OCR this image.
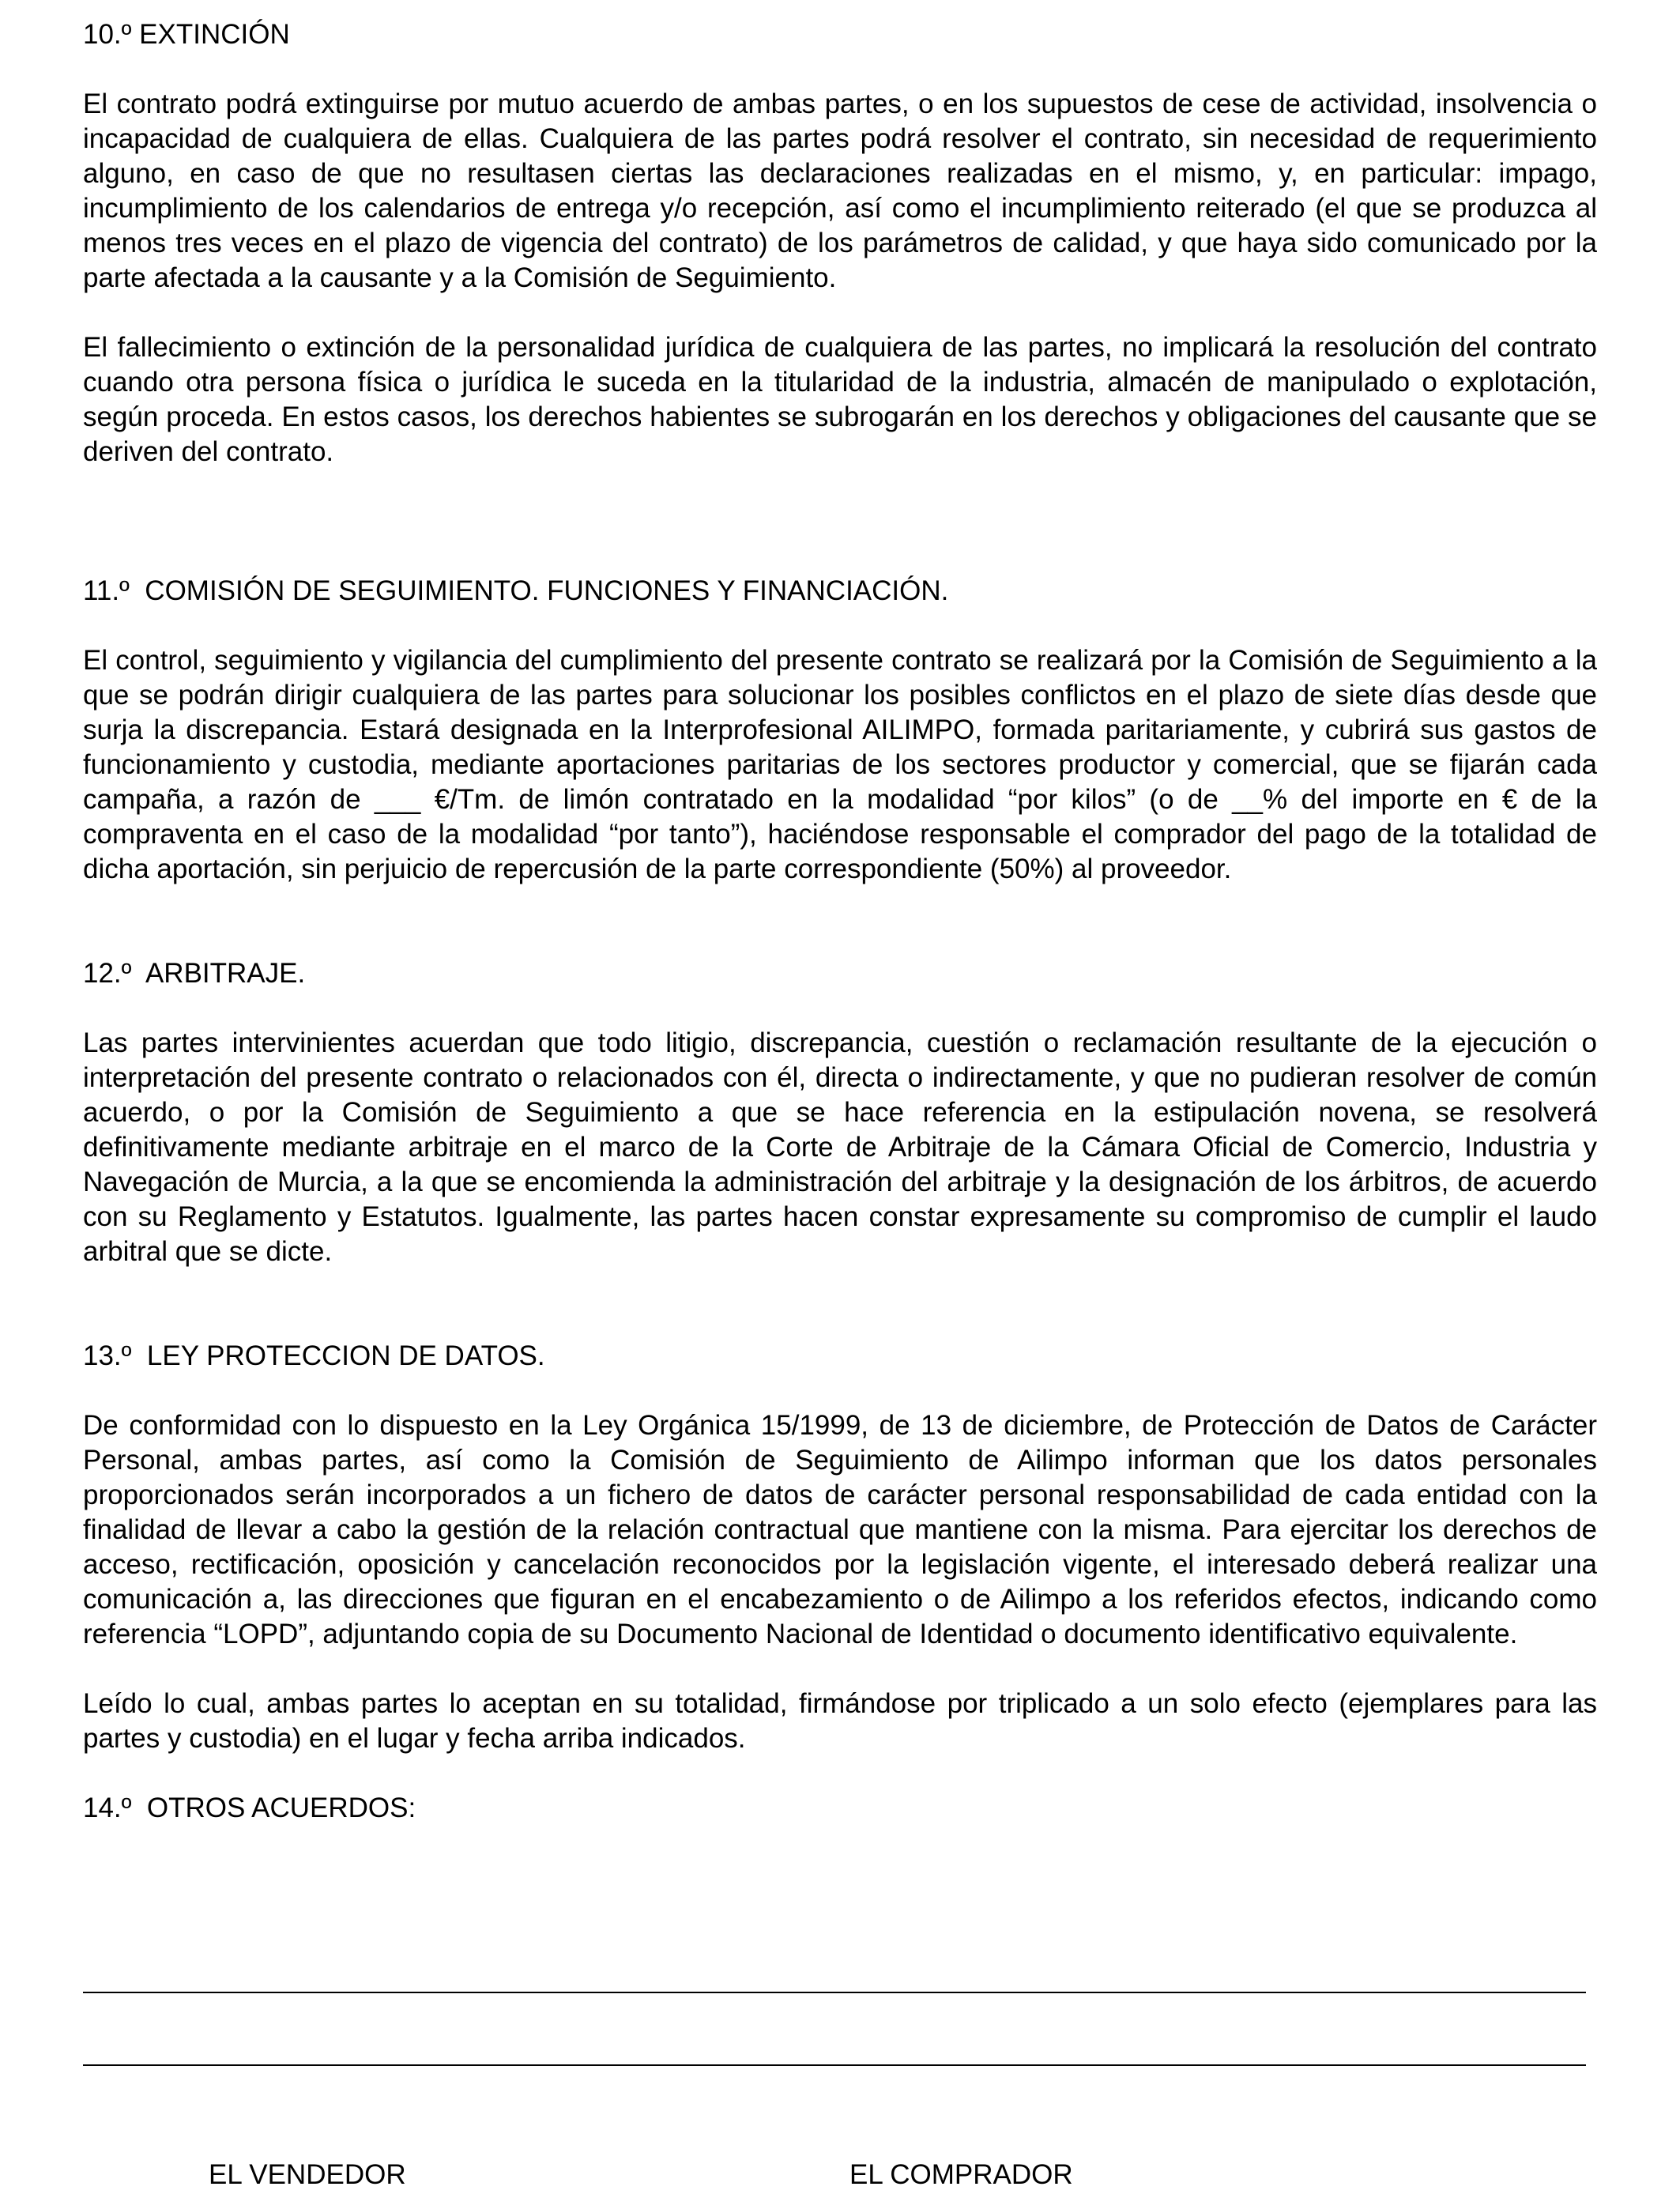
10.º EXTINCIÓN

El contrato podrá extinguirse por mutuo acuerdo de ambas partes, o en los supuestos de cese de actividad, insolvencia o incapacidad de cualquiera de ellas. Cualquiera de las partes podrá resolver el contrato, sin necesidad de requerimiento alguno, en caso de que no resultasen ciertas las declaraciones realizadas en el mismo, y, en particular: impago, incumplimiento de los calendarios de entrega y/o recepción, así como el incumplimiento reiterado (el que se produzca al menos tres veces en el plazo de vigencia del contrato) de los parámetros de calidad, y que haya sido comunicado por la parte afectada a la causante y a la Comisión de Seguimiento.

El fallecimiento o extinción de la personalidad jurídica de cualquiera de las partes, no implicará la resolución del contrato cuando otra persona física o jurídica le suceda en la titularidad de la industria, almacén de manipulado o explotación, según proceda. En estos casos, los derechos habientes se subrogarán en los derechos y obligaciones del causante que se deriven del contrato.

11.º  COMISIÓN DE SEGUIMIENTO. FUNCIONES Y FINANCIACIÓN.

El control, seguimiento y vigilancia del cumplimiento del presente contrato se realizará por la Comisión de Seguimiento a la que se podrán dirigir cualquiera de las partes para solucionar los posibles conflictos en el plazo de siete días desde que surja la discrepancia. Estará designada en la Interprofesional AILIMPO, formada paritariamente, y cubrirá sus gastos de funcionamiento y custodia, mediante aportaciones paritarias de los sectores productor y comercial, que se fijarán cada campaña, a razón de ___ €/Tm. de limón contratado en la modalidad “por kilos” (o de __% del importe en € de la compraventa en el caso de la modalidad “por tanto”), haciéndose responsable el comprador del pago de la totalidad de dicha aportación, sin perjuicio de repercusión de la parte correspondiente (50%) al proveedor.

12.º  ARBITRAJE.

Las partes intervinientes acuerdan que todo litigio, discrepancia, cuestión o reclamación resultante de la ejecución o interpretación del presente contrato o relacionados con él, directa o indirectamente, y que no pudieran resolver de común acuerdo, o por la Comisión de Seguimiento a que se hace referencia en la estipulación novena, se resolverá definitivamente mediante arbitraje en el marco de la Corte de Arbitraje de la Cámara Oficial de Comercio, Industria y Navegación de Murcia, a la que se encomienda la administración del arbitraje y la designación de los árbitros, de acuerdo con su Reglamento y Estatutos. Igualmente, las partes hacen constar expresamente su compromiso de cumplir el laudo arbitral que se dicte.

13.º  LEY PROTECCION DE DATOS.

De conformidad con lo dispuesto en la Ley Orgánica 15/1999, de 13 de diciembre, de Protección de Datos de Carácter Personal, ambas partes, así como la Comisión de Seguimiento de Ailimpo informan que los datos personales proporcionados serán incorporados a un fichero de datos de carácter personal responsabilidad de cada entidad con la finalidad de llevar a cabo la gestión de la relación contractual que mantiene con la misma. Para ejercitar los derechos de acceso, rectificación, oposición y cancelación reconocidos por la legislación vigente, el interesado deberá realizar una comunicación a, las direcciones que figuran en el encabezamiento o de Ailimpo a los referidos efectos, indicando como referencia “LOPD”, adjuntando copia de su Documento Nacional de Identidad o documento identificativo equivalente.

Leído lo cual, ambas partes lo aceptan en su totalidad, firmándose por triplicado a un solo efecto (ejemplares para las partes y custodia) en el lugar y fecha arriba indicados.

14.º  OTROS ACUERDOS:

EL VENDEDOR	EL COMPRADOR
